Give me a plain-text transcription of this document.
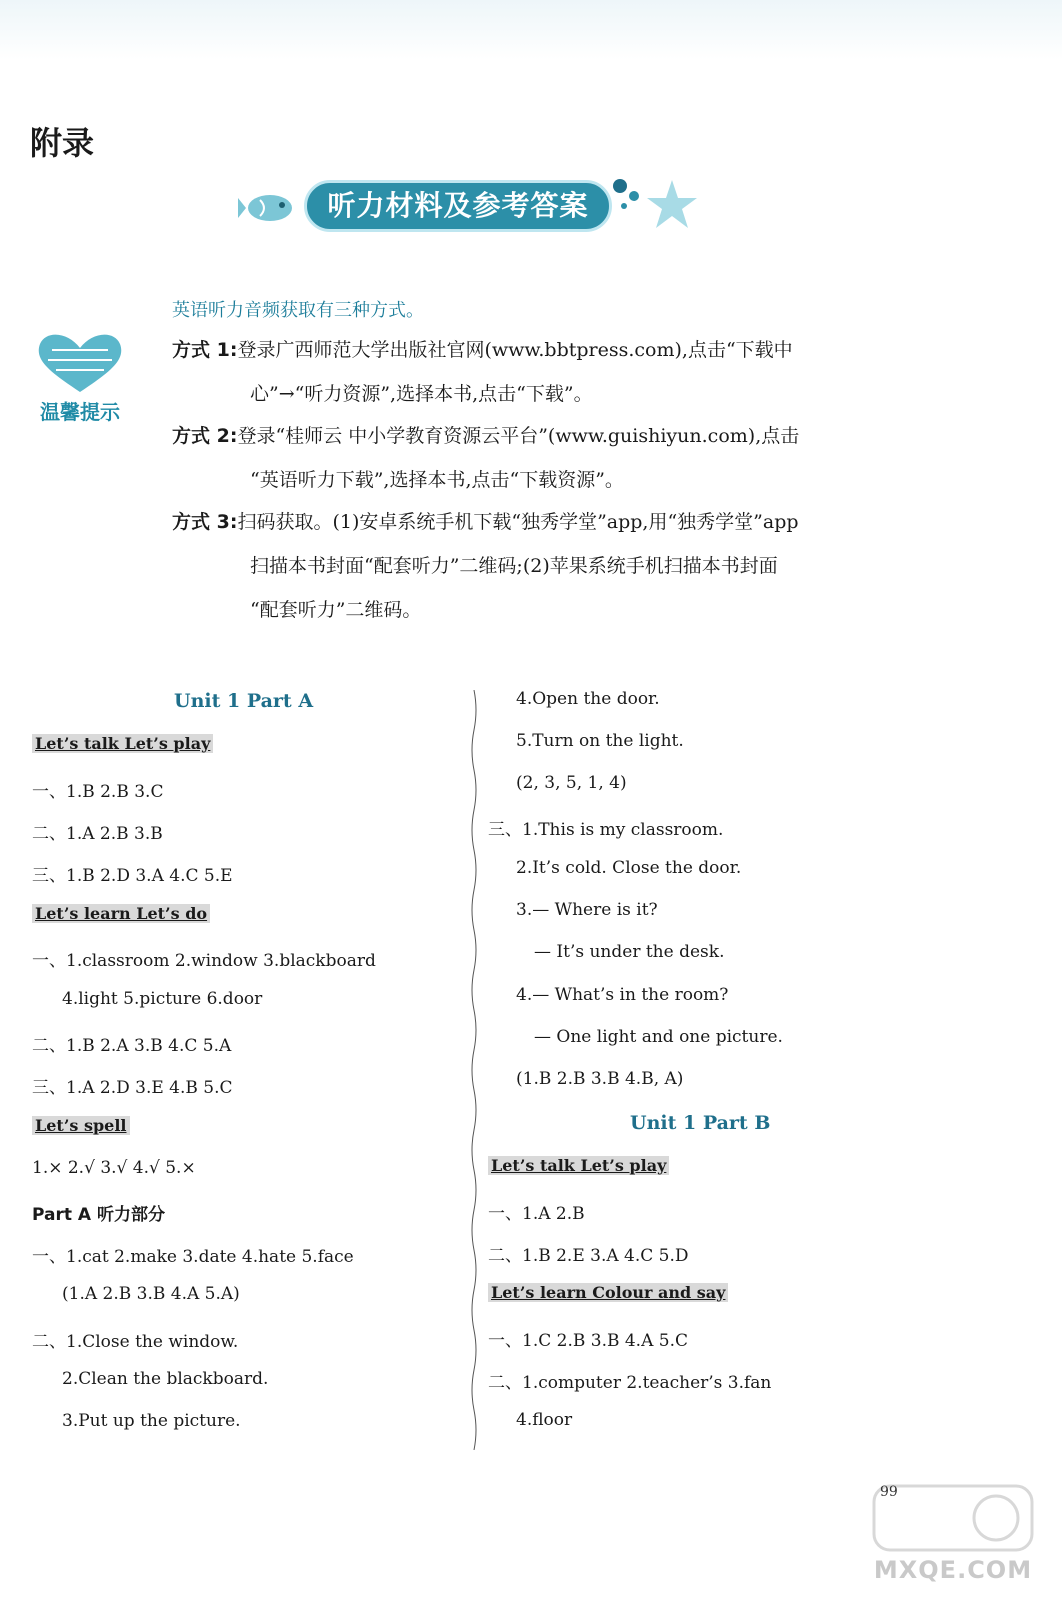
附录
听力材料及参考答案
温馨提示
英语听力音频获取有三种方式。
方式 1:登录广西师范大学出版社官网(www.bbtpress.com),点击“下载中
心”→“听力资源”,选择本书,点击“下载”。
方式 2:登录“桂师云 中小学教育资源云平台”(www.guishiyun.com),点击
“英语听力下载”,选择本书,点击“下载资源”。
方式 3:扫码获取。(1)安卓系统手机下载“独秀学堂”app,用“独秀学堂”app
扫描本书封面“配套听力”二维码;(2)苹果系统手机扫描本书封面
“配套听力”二维码。
Unit 1 Part A
Let’s talk Let’s play
一、1.B 2.B 3.C
二、1.A 2.B 3.B
三、1.B 2.D 3.A 4.C 5.E
Let’s learn Let’s do
一、1.classroom 2.window 3.blackboard
4.light 5.picture 6.door
二、1.B 2.A 3.B 4.C 5.A
三、1.A 2.D 3.E 4.B 5.C
Let’s spell
1.× 2.√ 3.√ 4.√ 5.×
Part A 听力部分
一、1.cat 2.make 3.date 4.hate 5.face
(1.A 2.B 3.B 4.A 5.A)
二、1.Close the window.
2.Clean the blackboard.
3.Put up the picture.
4.Open the door.
5.Turn on the light.
(2, 3, 5, 1, 4)
三、1.This is my classroom.
2.It’s cold. Close the door.
3.— Where is it?
— It’s under the desk.
4.— What’s in the room?
— One light and one picture.
(1.B 2.B 3.B 4.B, A)
Unit 1 Part B
Let’s talk Let’s play
一、1.A 2.B
二、1.B 2.E 3.A 4.C 5.D
Let’s learn Colour and say
一、1.C 2.B 3.B 4.A 5.C
二、1.computer 2.teacher’s 3.fan
4.floor
MXQE.COM
99
